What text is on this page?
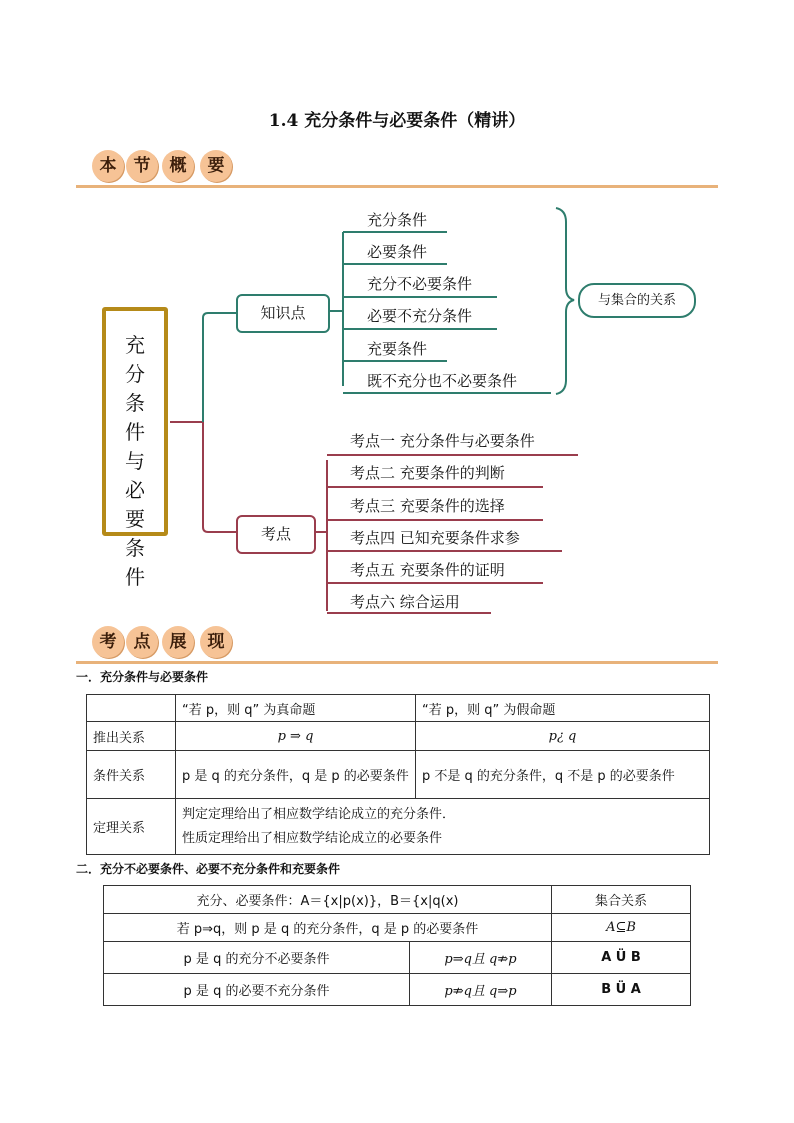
1.4 充分条件与必要条件（精讲）
本	节	概	要
充分条件与必要条件
知识点
充分条件
必要条件
充分不必要条件
必要不充分条件
充要条件
既不充分也不必要条件
与集合的关系
考点
考点一 充分条件与必要条件
考点二 充要条件的判断
考点三 充要条件的选择
考点四 已知充要条件求参
考点五 充要条件的证明
考点六 综合运用
考	点	展	现
一．充分条件与必要条件
	“若 p，则 q” 为真命题	“若 p，则 q” 为假命题
推出关系	p ⇒ q	p¿ q
条件关系	p 是 q 的充分条件，q 是 p 的必要条件	p 不是 q 的充分条件，q 不是 p 的必要条件
定理关系	判定定理给出了相应数学结论成立的充分条件．
性质定理给出了相应数学结论成立的必要条件	
二．充分不必要条件、必要不充分条件和充要条件
充分、必要条件：A＝{x|p(x)}，B＝{x|q(x)		集合关系
若 p⇒q，则 p 是 q 的充分条件，q 是 p 的必要条件		A⊆B
p 是 q 的充分不必要条件	p⇒q且 q⇏p	A Ü B
p 是 q 的必要不充分条件	p⇏q且 q⇒p	B Ü A
